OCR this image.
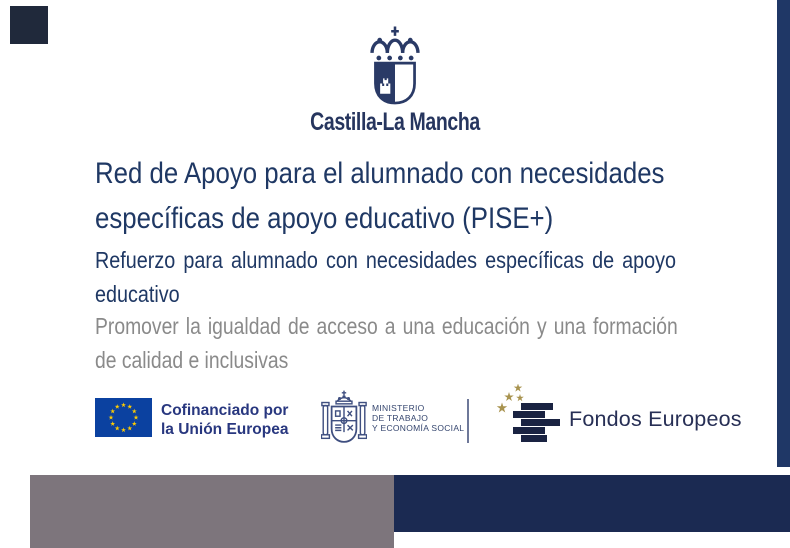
Castilla-La Mancha
Red de Apoyo para el alumnado con necesidades
específicas de apoyo educativo (PISE+)
Refuerzo para alumnado con necesidades específicas de apoyo
educativo
Promover la igualdad de acceso a una educación y una formación
de calidad e inclusivas
Cofinanciado por
la Unión Europea
MINISTERIO
DE TRABAJO
Y ECONOMÍA SOCIAL	Fondos Europeos
